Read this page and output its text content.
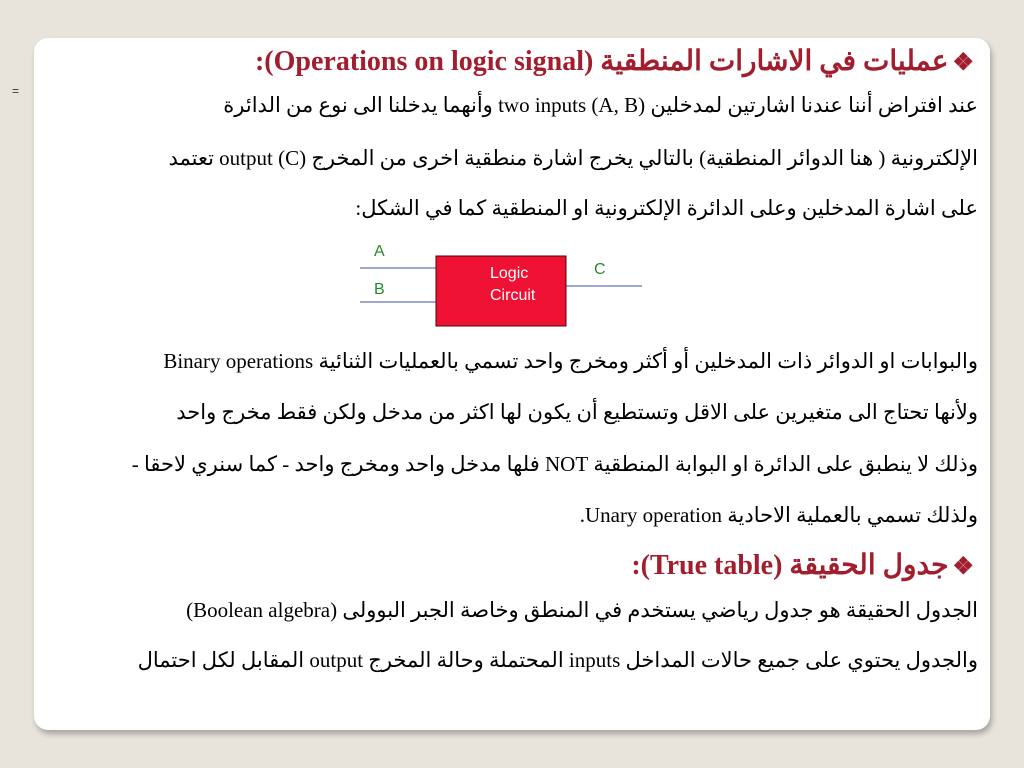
=
❖عمليات في الاشارات المنطقية (Operations on logic signal):
عند افتراض أننا عندنا اشارتين لمدخلين two inputs (A, B) وأنهما يدخلنا الى نوع من الدائرة
الإلكترونية ( هنا الدوائر المنطقية) بالتالي يخرج اشارة منطقية اخرى من المخرج output (C) تعتمد
على اشارة المدخلين وعلى الدائرة الإلكترونية او المنطقية كما في الشكل:
A
B
C
Logic
Circuit
والبوابات او الدوائر ذات المدخلين أو أكثر ومخرج واحد تسمي بالعمليات الثنائية Binary operations
ولأنها تحتاج الى متغيرين على الاقل وتستطيع أن يكون لها اكثر من مدخل ولكن فقط مخرج واحد
وذلك لا ينطبق على الدائرة او البوابة المنطقية NOT فلها مدخل واحد ومخرج واحد - كما سنري لاحقا -
ولذلك تسمي بالعملية الاحادية Unary operation.
❖جدول الحقيقة (True table):
الجدول الحقيقة هو جدول رياضي يستخدم في المنطق وخاصة الجبر البوولى (Boolean algebra)
والجدول يحتوي على جميع حالات المداخل inputs المحتملة وحالة المخرج output المقابل لكل احتمال
